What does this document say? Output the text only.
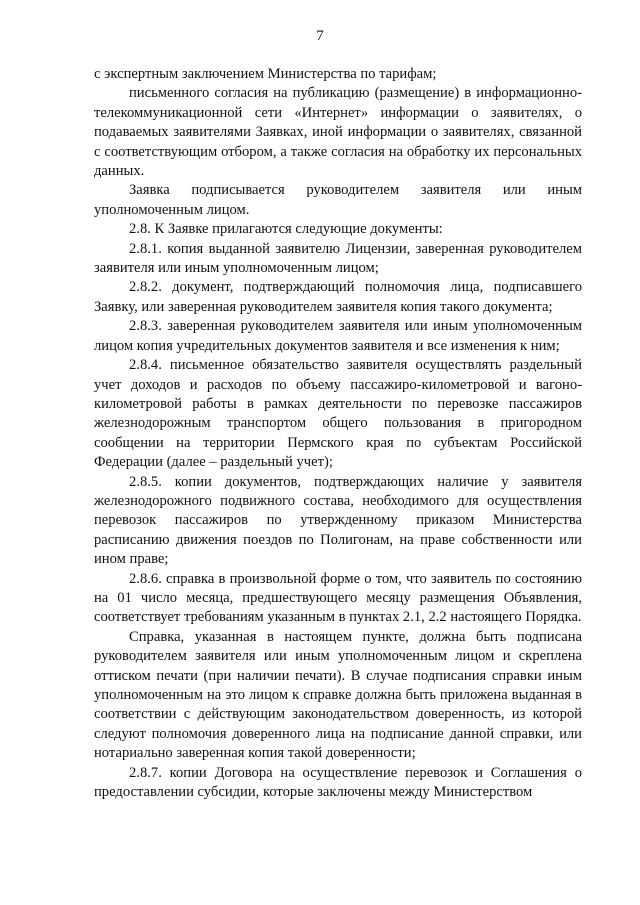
7

с экспертным заключением Министерства по тарифам;

письменного согласия на публикацию (размещение) в информационно-телекоммуникационной сети «Интернет» информации о заявителях, о подаваемых заявителями Заявках, иной информации о заявителях, связанной с соответствующим отбором, а также согласия на обработку их персональных данных.

Заявка подписывается руководителем заявителя или иным уполномоченным лицом.

2.8. К Заявке прилагаются следующие документы:

2.8.1. копия выданной заявителю Лицензии, заверенная руководителем заявителя или иным уполномоченным лицом;

2.8.2. документ, подтверждающий полномочия лица, подписавшего Заявку, или заверенная руководителем заявителя копия такого документа;

2.8.3. заверенная руководителем заявителя или иным уполномоченным лицом копия учредительных документов заявителя и все изменения к ним;

2.8.4. письменное обязательство заявителя осуществлять раздельный учет доходов и расходов по объему пассажиро-километровой и вагоно-километровой работы в рамках деятельности по перевозке пассажиров железнодорожным транспортом общего пользования в пригородном сообщении на территории Пермского края по субъектам Российской Федерации (далее – раздельный учет);

2.8.5. копии документов, подтверждающих наличие у заявителя железнодорожного подвижного состава, необходимого для осуществления перевозок пассажиров по утвержденному приказом Министерства расписанию движения поездов по Полигонам, на праве собственности или ином праве;

2.8.6. справка в произвольной форме о том, что заявитель по состоянию на 01 число месяца, предшествующего месяцу размещения Объявления, соответствует требованиям указанным в пунктах 2.1, 2.2 настоящего Порядка.

Справка, указанная в настоящем пункте, должна быть подписана руководителем заявителя или иным уполномоченным лицом и скреплена оттиском печати (при наличии печати). В случае подписания справки иным уполномоченным на это лицом к справке должна быть приложена выданная в соответствии с действующим законодательством доверенность, из которой следуют полномочия доверенного лица на подписание данной справки, или нотариально заверенная копия такой доверенности;

2.8.7. копии Договора на осуществление перевозок и Соглашения о предоставлении субсидии, которые заключены между Министерством
